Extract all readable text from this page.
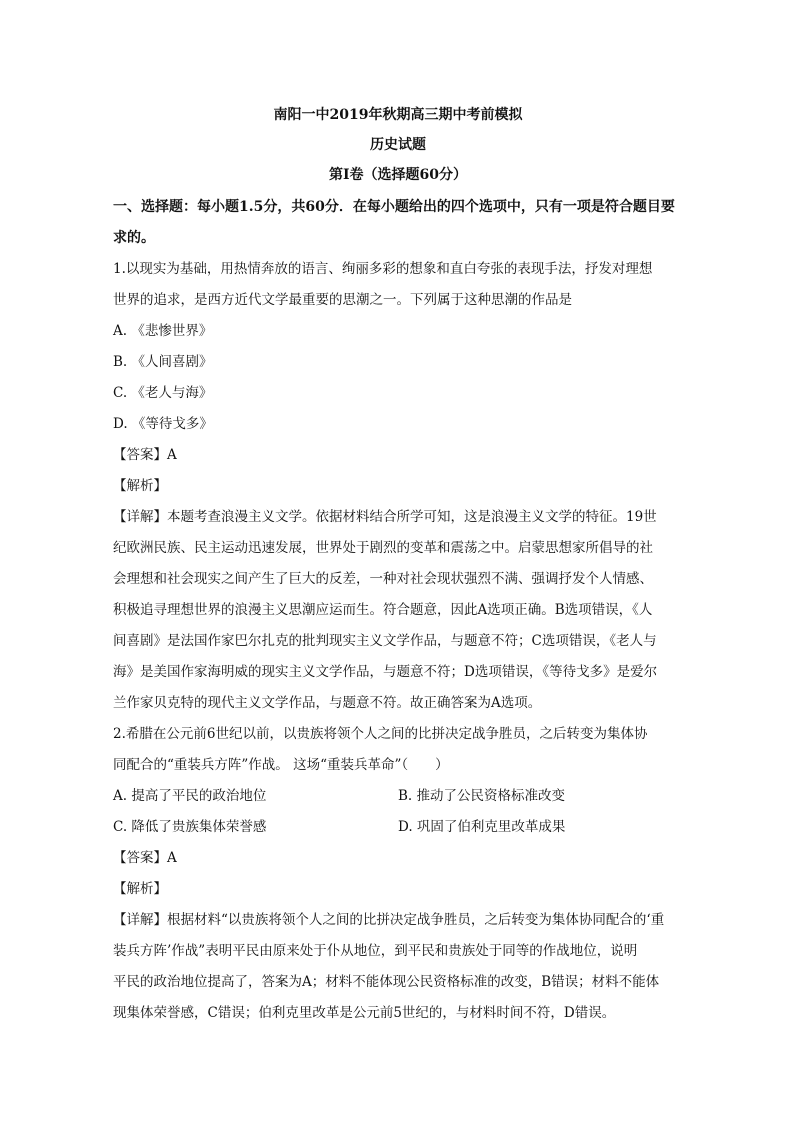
南阳一中2019年秋期高三期中考前模拟
历史试题
第Ⅰ卷（选择题60分）
一、选择题：每小题1.5分，共60分．在每小题给出的四个选项中，只有一项是符合题目要
求的。
1.以现实为基础，用热情奔放的语言、绚丽多彩的想象和直白夸张的表现手法，抒发对理想
世界的追求，是西方近代文学最重要的思潮之一。下列属于这种思潮的作品是
A. 《悲惨世界》
B. 《人间喜剧》
C. 《老人与海》
D. 《等待戈多》
【答案】A
【解析】
【详解】本题考查浪漫主义文学。依据材料结合所学可知，这是浪漫主义文学的特征。19世
纪欧洲民族、民主运动迅速发展，世界处于剧烈的变革和震荡之中。启蒙思想家所倡导的社
会理想和社会现实之间产生了巨大的反差，一种对社会现状强烈不满、强调抒发个人情感、
积极追寻理想世界的浪漫主义思潮应运而生。符合题意，因此A选项正确。B选项错误，《人
间喜剧》是法国作家巴尔扎克的批判现实主义文学作品，与题意不符；C选项错误，《老人与
海》是美国作家海明威的现实主义文学作品，与题意不符；D选项错误，《等待戈多》是爱尔
兰作家贝克特的现代主义文学作品，与题意不符。故正确答案为A选项。
2.希腊在公元前6世纪以前，以贵族将领个人之间的比拼决定战争胜员，之后转变为集体协
同配合的“重装兵方阵”作战。 这场“重装兵革命”（　　）
A. 提高了平民的政治地位	B. 推动了公民资格标准改变
C. 降低了贵族集体荣誉感	D. 巩固了伯利克里改革成果
【答案】A
【解析】
【详解】根据材料“以贵族将领个人之间的比拼决定战争胜员，之后转变为集体协同配合的‘重
装兵方阵’作战”表明平民由原来处于仆从地位，到平民和贵族处于同等的作战地位，说明
平民的政治地位提高了，答案为A；材料不能体现公民资格标准的改变，B错误；材料不能体
现集体荣誉感，C错误；伯利克里改革是公元前5世纪的，与材料时间不符，D错误。
